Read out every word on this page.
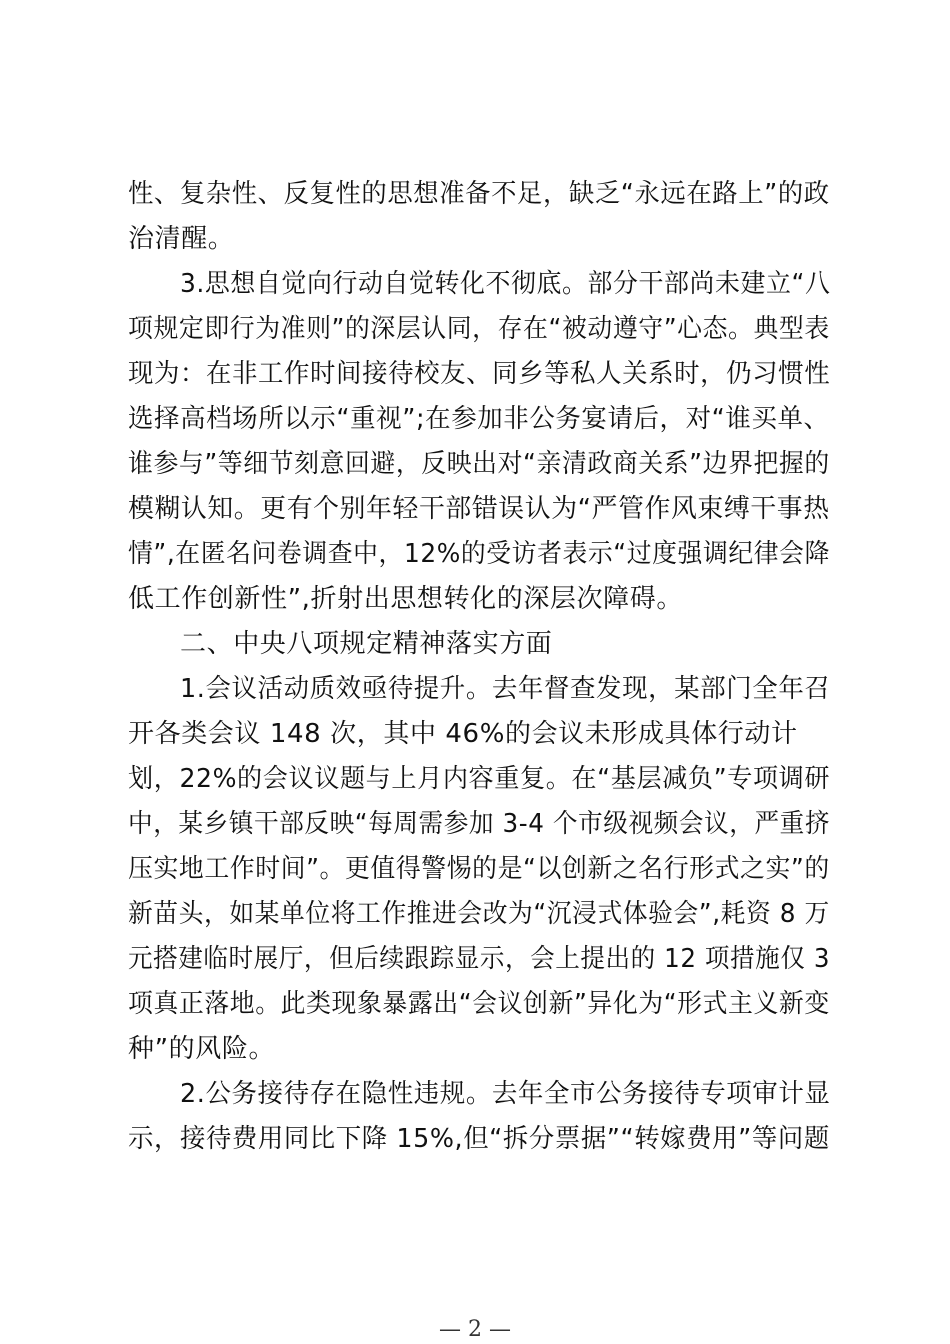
性、复杂性、反复性的思想准备不足，缺乏“永远在路上”的政
治清醒。
3.思想自觉向行动自觉转化不彻底。部分干部尚未建立“八
项规定即行为准则”的深层认同，存在“被动遵守”心态。典型表
现为：在非工作时间接待校友、同乡等私人关系时，仍习惯性
选择高档场所以示“重视”;在参加非公务宴请后，对“谁买单、
谁参与”等细节刻意回避，反映出对“亲清政商关系”边界把握的
模糊认知。更有个别年轻干部错误认为“严管作风束缚干事热
情”,在匿名问卷调查中，12%的受访者表示“过度强调纪律会降
低工作创新性”,折射出思想转化的深层次障碍。
二、中央八项规定精神落实方面
1.会议活动质效亟待提升。去年督查发现，某部门全年召
开各类会议 148 次，其中 46%的会议未形成具体行动计
划，22%的会议议题与上月内容重复。在“基层减负”专项调研
中，某乡镇干部反映“每周需参加 3-4 个市级视频会议，严重挤
压实地工作时间”。更值得警惕的是“以创新之名行形式之实”的
新苗头，如某单位将工作推进会改为“沉浸式体验会”,耗资 8 万
元搭建临时展厅，但后续跟踪显示，会上提出的 12 项措施仅 3
项真正落地。此类现象暴露出“会议创新”异化为“形式主义新变
种”的风险。
2.公务接待存在隐性违规。去年全市公务接待专项审计显
示，接待费用同比下降 15%,但“拆分票据”“转嫁费用”等问题
— 2 —
